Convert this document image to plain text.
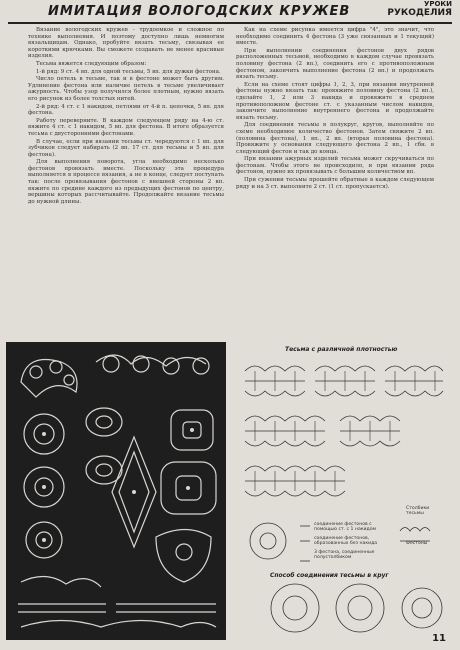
ИМИТАЦИЯ ВОЛОГОДСКИХ КРУЖЕВ	УРОКИ
РУКОДЕЛИЯ

Вязание вологодских кружев - трудоемкое и сложное по технике выполнения. И поэтому доступно лишь немногим вязальщицам. Однако, пробуйте вязать тесьму, связывая ее короткими крючками. Вы сможете создавать не менее красивые изделия.

Тесьма вяжется следующим образом:

1-й ряд: 9 ст. 4 вп. для одной тесьмы, 5 вп. для дужки фестона.

Число петель в тесьме, так и в фестоне может быть другим. Удлинение фестона или наличие петель в тесьме увеличивает ажурность. Чтобы узор получился более плотным, нужно вязать его рисунок из более толстых нитей.

2-й ряд: 4 ст. с 1 накидом, петлями от 4-й п. цепочки, 5 вп. для фестона.

Работу переверните. В каждом следующем ряду на 4-ю ст. вяжите 4 ст. с 1 накидом, 5 вп. для фестона. В итоге образуется тесьма с двусторонними фестонами.

В случае, если при вязании тесьмы ст. чередуются с 1 вп. для зубчиков следует набирать (2 вп. 17 ст. для тесьмы и 5 вп. для фестона).

Для выполнения поворота, угла необходимо несколько фестонов провязать вместе. Поскольку эта процедура выполняется в процессе вязания, а не в конце, следует поступать так: после провязывания фестонов с внешней стороны 2 вп. вяжите по средине каждого из предыдущих фестонов по центру, вершины которых рассчитывайте. Продолжайте вязание тесьмы до нужной длины.

Как на схеме рисунка имеется цифра "4", это значит, что необходимо соединить 4 фестона (3 уже связанных и 1 текущий) вместе.

При выполнении соединения фестонов двух рядов расположенных тесьмой, необходимо в каждом случае провязать половину фестона (2 вп.), соединить его с противоположным фестоном, закончить выполнение фестона (2 вп.) и продолжать вязать тесьму.

Если на схеме стоят цифры 1, 2, 3, при вязании внутренней фестоны нужно вязать так: провяжите половину фестона (2 вп.), сделайте 1, 2 или 3 накида и провяжите в среднем противоположном фестоне ст. с указанным числом накидов, закончите выполнение внутреннего фестона и продолжайте вязать тесьму.

Для соединения тесьмы в полукруг, кругов, выполняйте по схеме необходимое количество фестонов. Затем свяжите 2 вп. (половина фестона), 1 вп., 2 вп. (вторая половина фестона). Провяжите у основания следующего фестона 2 вп., 1 сбн. в следующий фестон и так до конца.

При вязании ажурных изделий тесьма может скручиваться по фестонам. Чтобы этого не происходило, и при вязании ряда фестонов, нужно их провязывать с большим количеством вп.

При сужении тесьмы прошейте обратные в каждом следующем ряду и на 3 ст. выполните 2 ст. (1 ст. пропускается).

Тесьма с различной плотностью
соединение фестонов с помощью ст. с 1 накидом
соединение фестонов, образованных без накида
3 фестона, соединенные полустолбиком
Столбики тесьмы
Фестоны
Способ соединения тесьмы в круг
11
